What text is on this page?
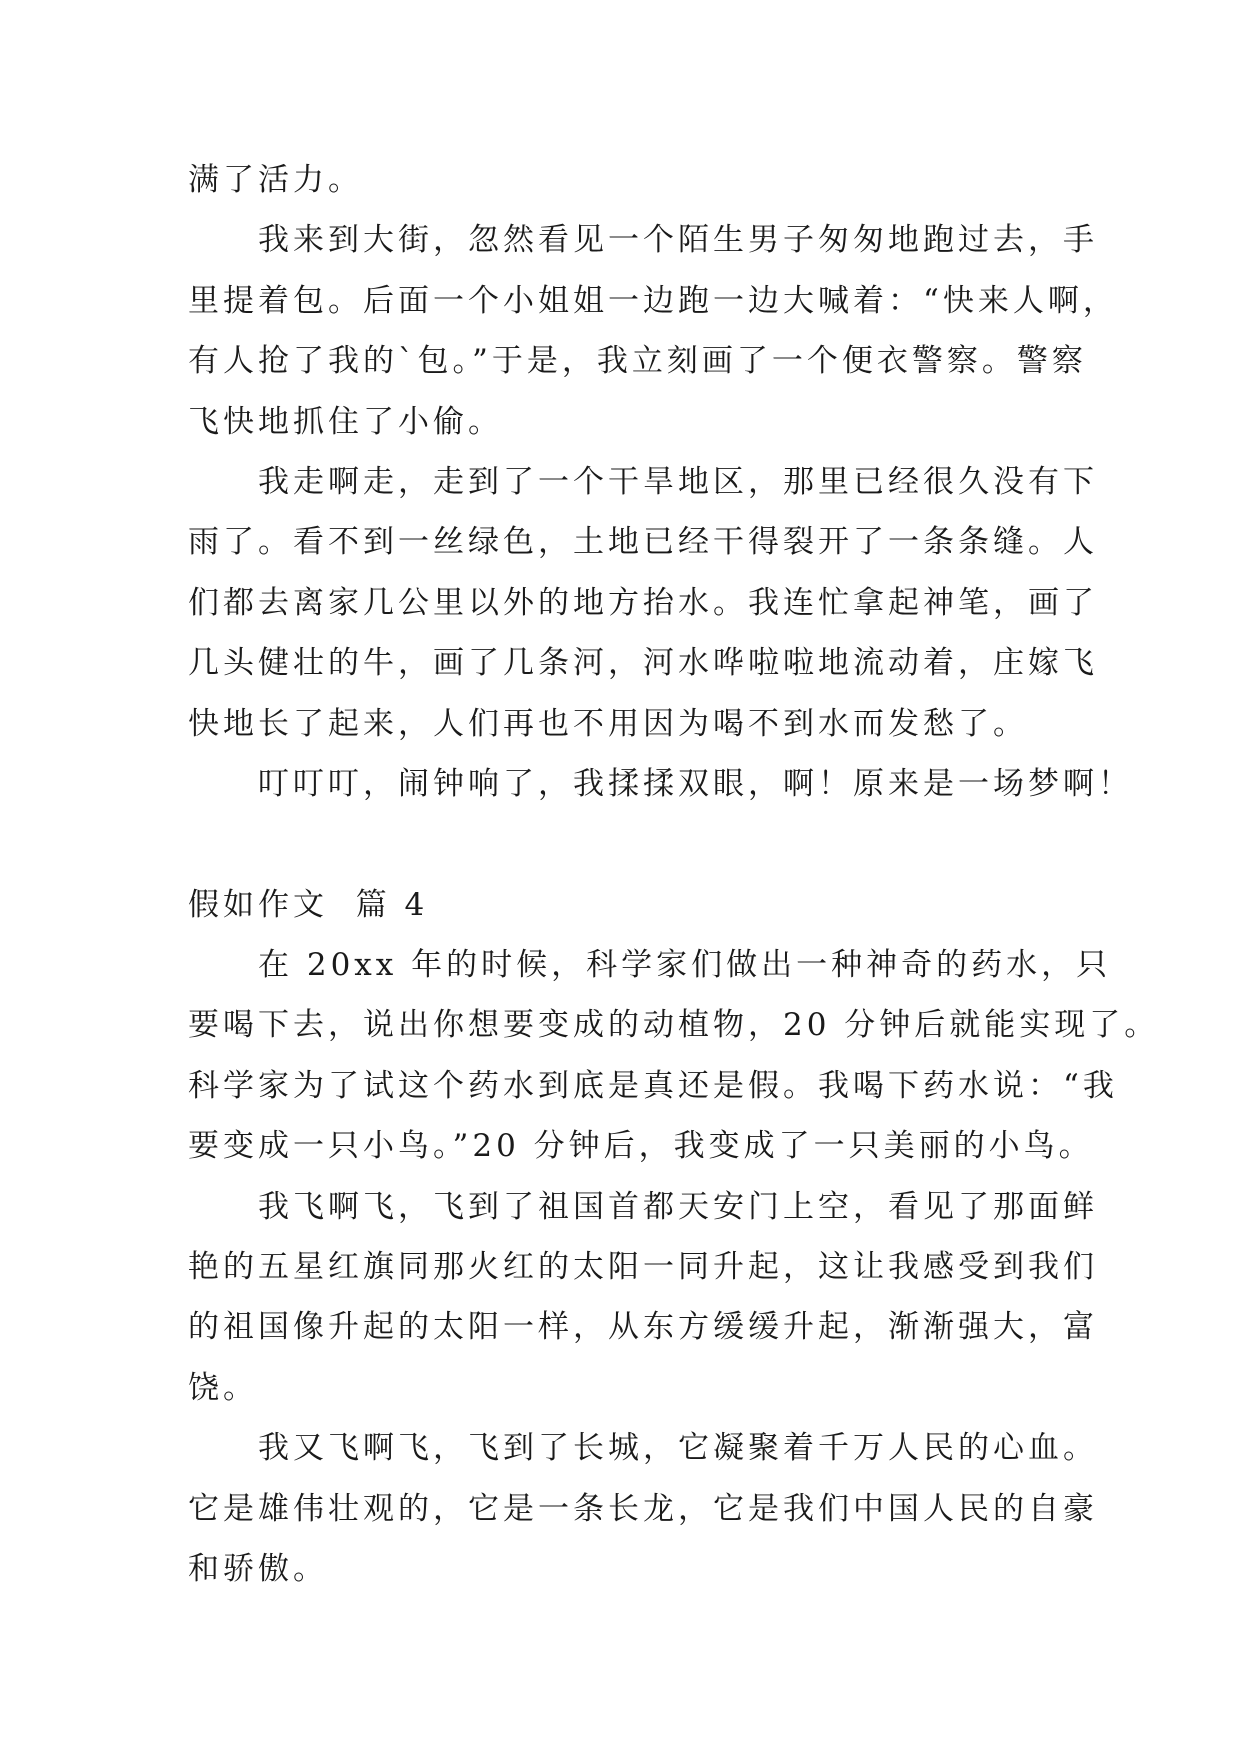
满了活力。
我来到大街，忽然看见一个陌生男子匆匆地跑过去，手
里提着包。后面一个小姐姐一边跑一边大喊着：“快来人啊，
有人抢了我的`包。”于是，我立刻画了一个便衣警察。警察
飞快地抓住了小偷。
我走啊走，走到了一个干旱地区，那里已经很久没有下
雨了。看不到一丝绿色，土地已经干得裂开了一条条缝。人
们都去离家几公里以外的地方抬水。我连忙拿起神笔，画了
几头健壮的牛，画了几条河，河水哗啦啦地流动着，庄嫁飞
快地长了起来，人们再也不用因为喝不到水而发愁了。
叮叮叮，闹钟响了，我揉揉双眼，啊！原来是一场梦啊！
假如作文  篇 4
在 20xx 年的时候，科学家们做出一种神奇的药水，只
要喝下去，说出你想要变成的动植物，20 分钟后就能实现了。
科学家为了试这个药水到底是真还是假。我喝下药水说：“我
要变成一只小鸟。”20 分钟后，我变成了一只美丽的小鸟。
我飞啊飞，飞到了祖国首都天安门上空，看见了那面鲜
艳的五星红旗同那火红的太阳一同升起，这让我感受到我们
的祖国像升起的太阳一样，从东方缓缓升起，渐渐强大，富
饶。
我又飞啊飞，飞到了长城，它凝聚着千万人民的心血。
它是雄伟壮观的，它是一条长龙，它是我们中国人民的自豪
和骄傲。
